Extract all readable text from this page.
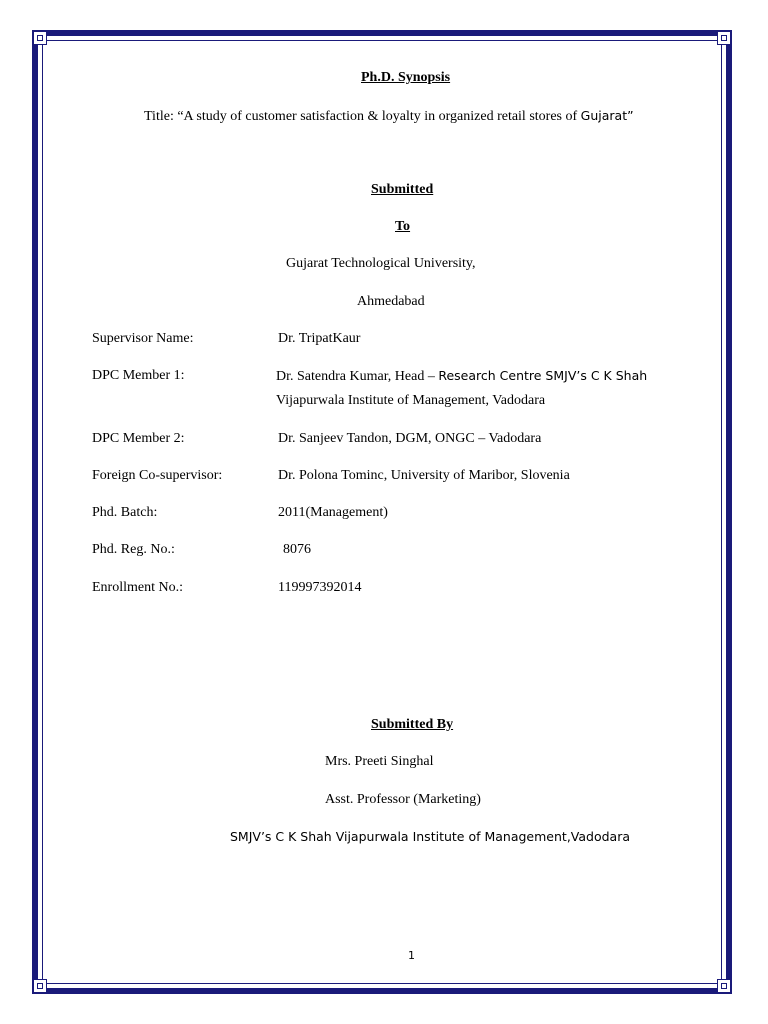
Ph.D. Synopsis
Title: “A study of customer satisfaction & loyalty in organized retail stores of Gujarat”
Submitted
To
Gujarat Technological University,
Ahmedabad
Supervisor Name:	Dr. TripatKaur
DPC Member 1:	Dr. Satendra Kumar, Head – Research Centre SMJV’s C K Shah
Vijapurwala Institute of Management, Vadodara
DPC Member 2:	Dr. Sanjeev Tandon, DGM, ONGC – Vadodara
Foreign Co-supervisor:	Dr. Polona Tominc, University of Maribor, Slovenia
Phd. Batch:	2011(Management)
Phd. Reg. No.:	8076
Enrollment No.:	119997392014
Submitted By
Mrs. Preeti Singhal
Asst. Professor (Marketing)
SMJV’s C K Shah Vijapurwala Institute of Management,Vadodara
1
